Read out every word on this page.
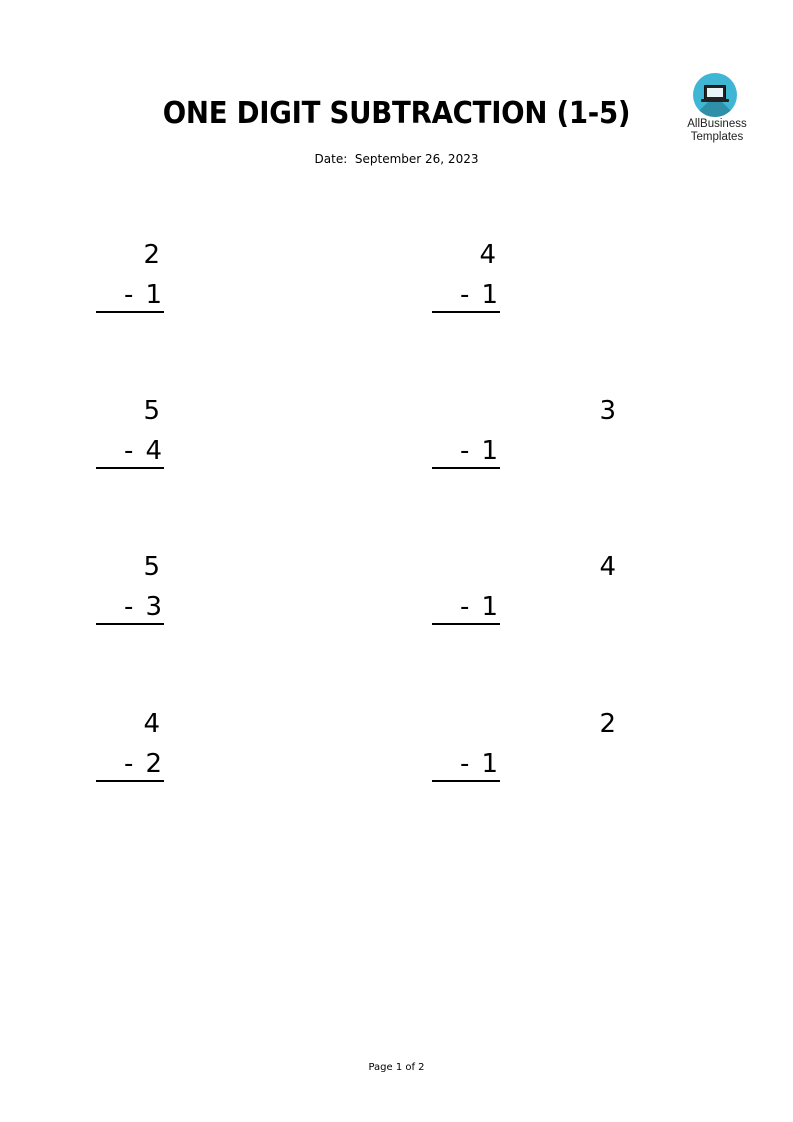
ONE DIGIT SUBTRACTION (1-5)
Date: September 26, 2023
AllBusiness
Templates
2
- 1
4
- 1
5
- 4
3
- 1
5
- 3
4
- 1
4
- 2
2
- 1
Page 1 of 2
